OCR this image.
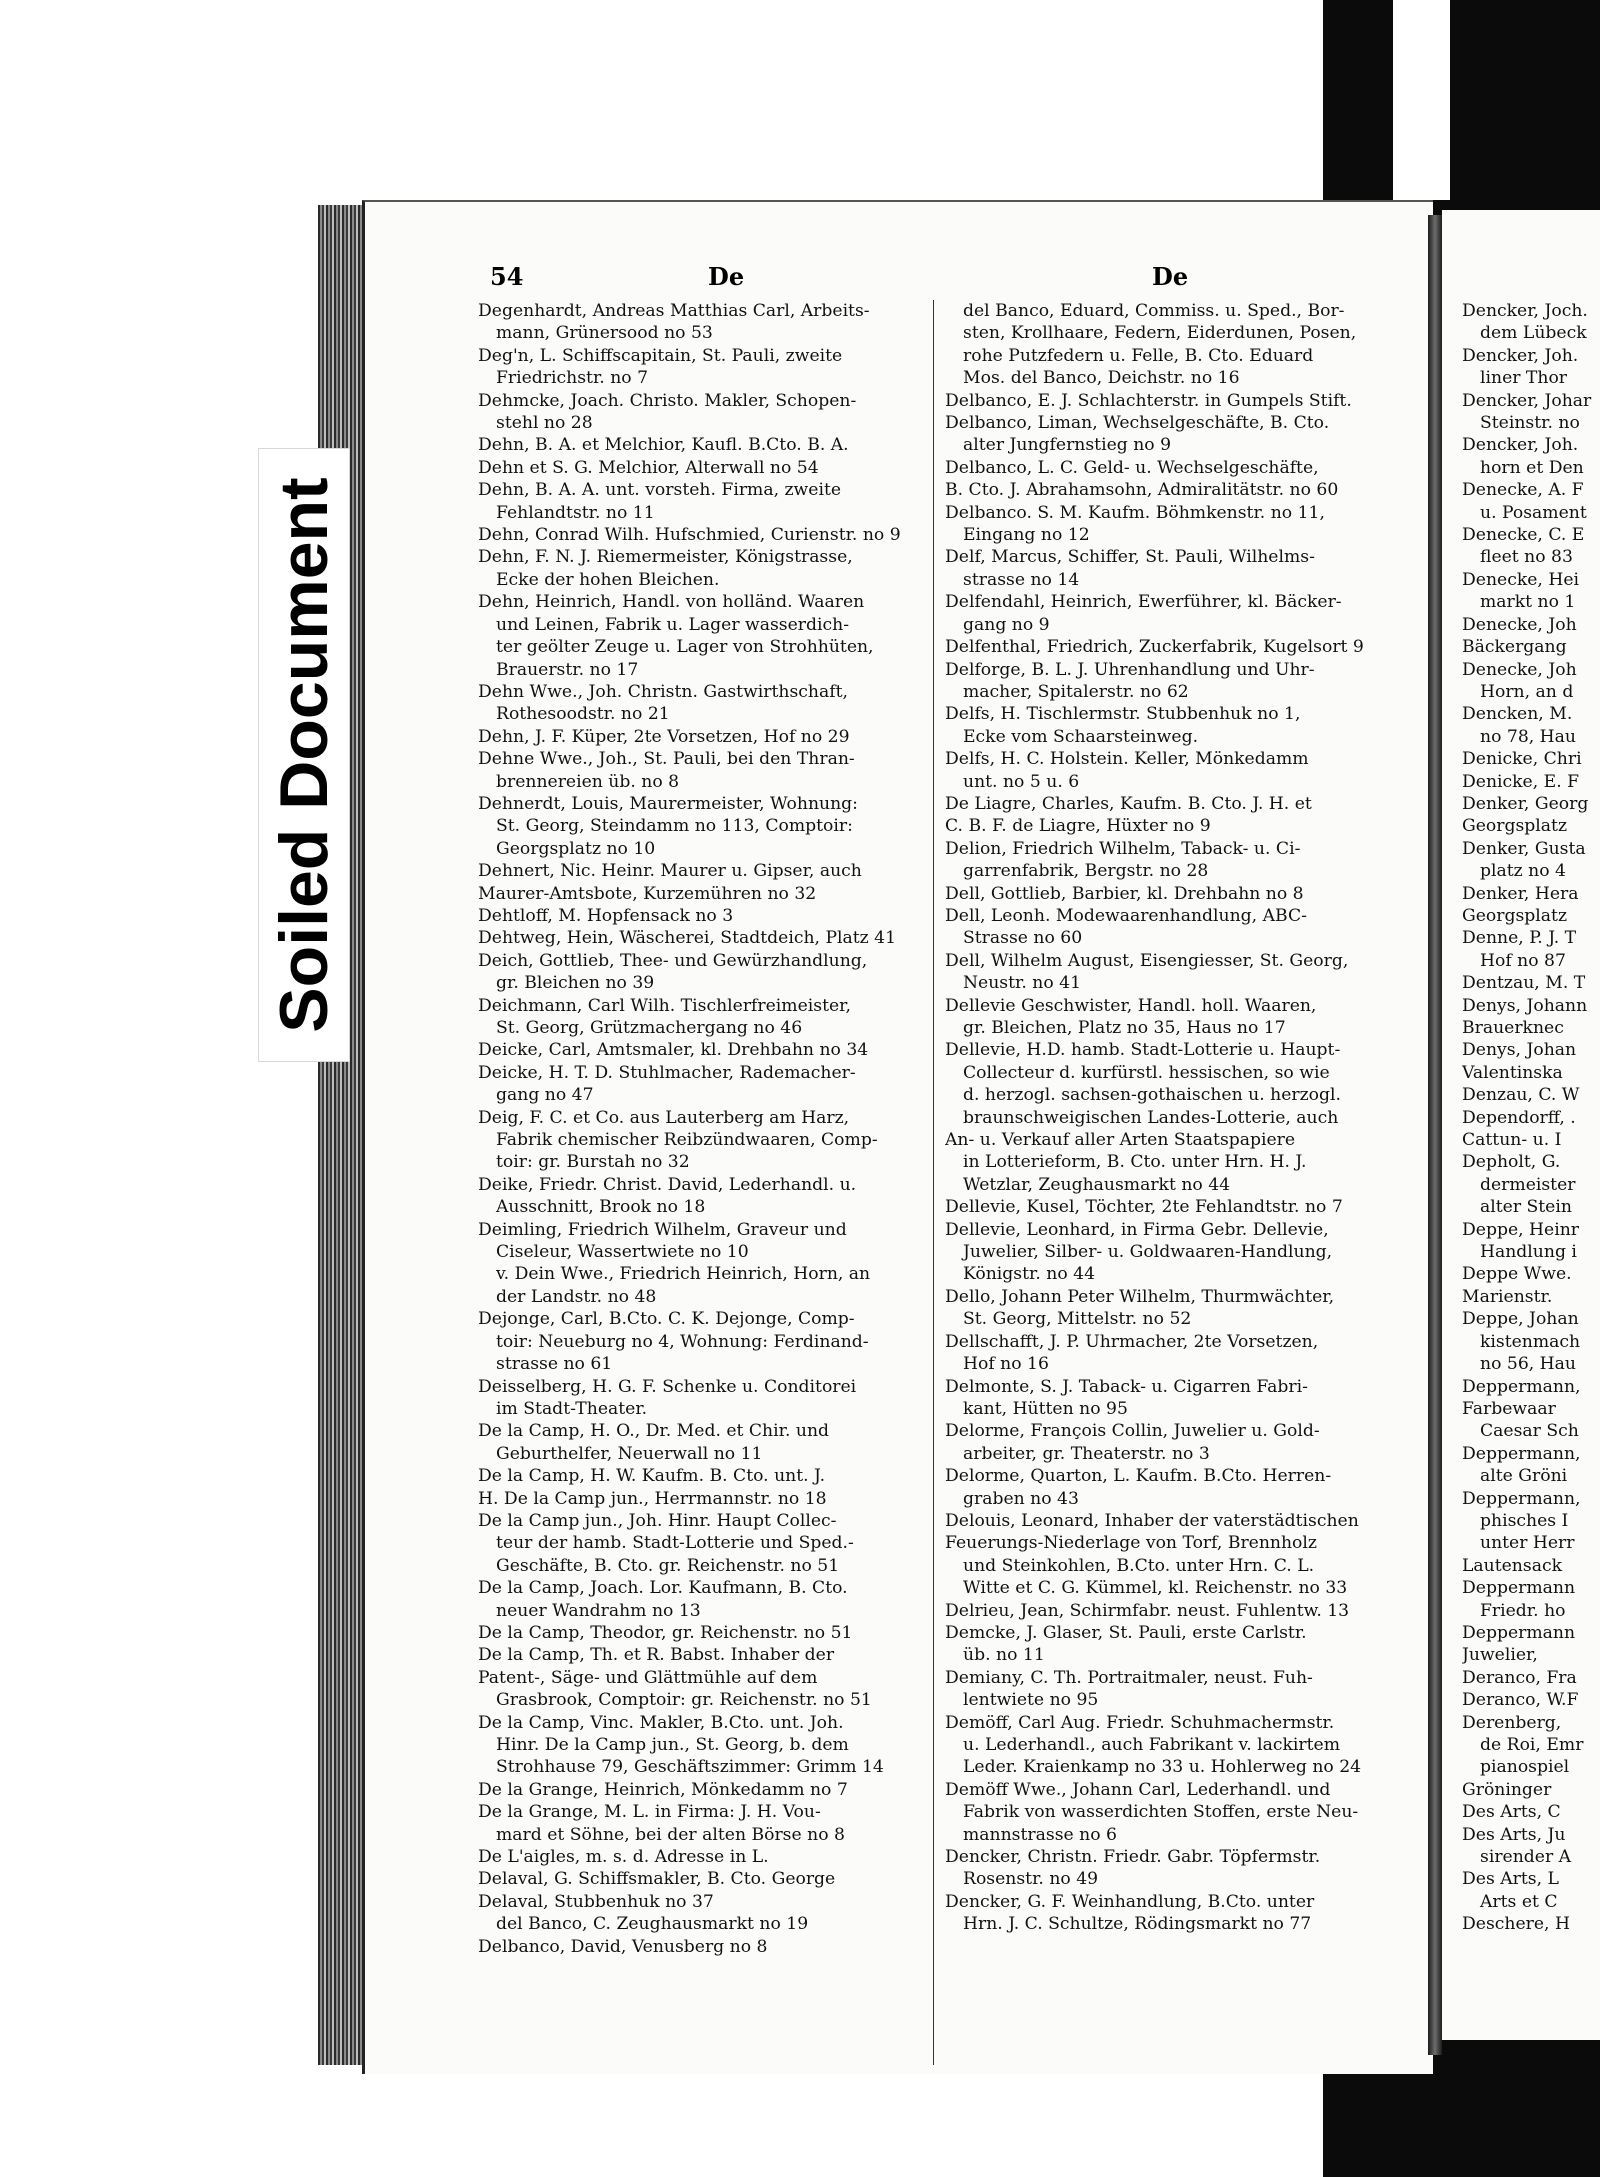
Soiled Document
54	De	De
Degenhardt, Andreas Matthias Carl, Arbeits-
mann, Grünersood no 53
Deg'n, L. Schiffscapitain, St. Pauli, zweite
Friedrichstr. no 7
Dehmcke, Joach. Christo. Makler, Schopen-
stehl no 28
Dehn, B. A. et Melchior, Kaufl. B.Cto. B. A.
Dehn et S. G. Melchior, Alterwall no 54
Dehn, B. A. A. unt. vorsteh. Firma, zweite
Fehlandtstr. no 11
Dehn, Conrad Wilh. Hufschmied, Curienstr. no 9
Dehn, F. N. J. Riemermeister, Königstrasse,
Ecke der hohen Bleichen.
Dehn, Heinrich, Handl. von holländ. Waaren
und Leinen, Fabrik u. Lager wasserdich-
ter geölter Zeuge u. Lager von Strohhüten,
Brauerstr. no 17
Dehn Wwe., Joh. Christn. Gastwirthschaft,
Rothesoodstr. no 21
Dehn, J. F. Küper, 2te Vorsetzen, Hof no 29
Dehne Wwe., Joh., St. Pauli, bei den Thran-
brennereien üb. no 8
Dehnerdt, Louis, Maurermeister, Wohnung:
St. Georg, Steindamm no 113, Comptoir:
Georgsplatz no 10
Dehnert, Nic. Heinr. Maurer u. Gipser, auch
Maurer-Amtsbote, Kurzemühren no 32
Dehtloff, M. Hopfensack no 3
Dehtweg, Hein, Wäscherei, Stadtdeich, Platz 41
Deich, Gottlieb, Thee- und Gewürzhandlung,
gr. Bleichen no 39
Deichmann, Carl Wilh. Tischlerfreimeister,
St. Georg, Grützmachergang no 46
Deicke, Carl, Amtsmaler, kl. Drehbahn no 34
Deicke, H. T. D. Stuhlmacher, Rademacher-
gang no 47
Deig, F. C. et Co. aus Lauterberg am Harz,
Fabrik chemischer Reibzündwaaren, Comp-
toir: gr. Burstah no 32
Deike, Friedr. Christ. David, Lederhandl. u.
Ausschnitt, Brook no 18
Deimling, Friedrich Wilhelm, Graveur und
Ciseleur, Wassertwiete no 10
v. Dein Wwe., Friedrich Heinrich, Horn, an
der Landstr. no 48
Dejonge, Carl, B.Cto. C. K. Dejonge, Comp-
toir: Neueburg no 4, Wohnung: Ferdinand-
strasse no 61
Deisselberg, H. G. F. Schenke u. Conditorei
im Stadt-Theater.
De la Camp, H. O., Dr. Med. et Chir. und
Geburthelfer, Neuerwall no 11
De la Camp, H. W. Kaufm. B. Cto. unt. J.
H. De la Camp jun., Herrmannstr. no 18
De la Camp jun., Joh. Hinr. Haupt Collec-
teur der hamb. Stadt-Lotterie und Sped.-
Geschäfte, B. Cto. gr. Reichenstr. no 51
De la Camp, Joach. Lor. Kaufmann, B. Cto.
neuer Wandrahm no 13
De la Camp, Theodor, gr. Reichenstr. no 51
De la Camp, Th. et R. Babst. Inhaber der
Patent-, Säge- und Glättmühle auf dem
Grasbrook, Comptoir: gr. Reichenstr. no 51
De la Camp, Vinc. Makler, B.Cto. unt. Joh.
Hinr. De la Camp jun., St. Georg, b. dem
Strohhause 79, Geschäftszimmer: Grimm 14
De la Grange, Heinrich, Mönkedamm no 7
De la Grange, M. L. in Firma: J. H. Vou-
mard et Söhne, bei der alten Börse no 8
De L'aigles, m. s. d. Adresse in L.
Delaval, G. Schiffsmakler, B. Cto. George
Delaval, Stubbenhuk no 37
del Banco, C. Zeughausmarkt no 19
Delbanco, David, Venusberg no 8
del Banco, Eduard, Commiss. u. Sped., Bor-
sten, Krollhaare, Federn, Eiderdunen, Posen,
rohe Putzfedern u. Felle, B. Cto. Eduard
Mos. del Banco, Deichstr. no 16
Delbanco, E. J. Schlachterstr. in Gumpels Stift.
Delbanco, Liman, Wechselgeschäfte, B. Cto.
alter Jungfernstieg no 9
Delbanco, L. C. Geld- u. Wechselgeschäfte,
B. Cto. J. Abrahamsohn, Admiralitätstr. no 60
Delbanco. S. M. Kaufm. Böhmkenstr. no 11,
Eingang no 12
Delf, Marcus, Schiffer, St. Pauli, Wilhelms-
strasse no 14
Delfendahl, Heinrich, Ewerführer, kl. Bäcker-
gang no 9
Delfenthal, Friedrich, Zuckerfabrik, Kugelsort 9
Delforge, B. L. J. Uhrenhandlung und Uhr-
macher, Spitalerstr. no 62
Delfs, H. Tischlermstr. Stubbenhuk no 1,
Ecke vom Schaarsteinweg.
Delfs, H. C. Holstein. Keller, Mönkedamm
unt. no 5 u. 6
De Liagre, Charles, Kaufm. B. Cto. J. H. et
C. B. F. de Liagre, Hüxter no 9
Delion, Friedrich Wilhelm, Taback- u. Ci-
garrenfabrik, Bergstr. no 28
Dell, Gottlieb, Barbier, kl. Drehbahn no 8
Dell, Leonh. Modewaarenhandlung, ABC-
Strasse no 60
Dell, Wilhelm August, Eisengiesser, St. Georg,
Neustr. no 41
Dellevie Geschwister, Handl. holl. Waaren,
gr. Bleichen, Platz no 35, Haus no 17
Dellevie, H.D. hamb. Stadt-Lotterie u. Haupt-
Collecteur d. kurfürstl. hessischen, so wie
d. herzogl. sachsen-gothaischen u. herzogl.
braunschweigischen Landes-Lotterie, auch
An- u. Verkauf aller Arten Staatspapiere
in Lotterieform, B. Cto. unter Hrn. H. J.
Wetzlar, Zeughausmarkt no 44
Dellevie, Kusel, Töchter, 2te Fehlandtstr. no 7
Dellevie, Leonhard, in Firma Gebr. Dellevie,
Juwelier, Silber- u. Goldwaaren-Handlung,
Königstr. no 44
Dello, Johann Peter Wilhelm, Thurmwächter,
St. Georg, Mittelstr. no 52
Dellschafft, J. P. Uhrmacher, 2te Vorsetzen,
Hof no 16
Delmonte, S. J. Taback- u. Cigarren Fabri-
kant, Hütten no 95
Delorme, François Collin, Juwelier u. Gold-
arbeiter, gr. Theaterstr. no 3
Delorme, Quarton, L. Kaufm. B.Cto. Herren-
graben no 43
Delouis, Leonard, Inhaber der vaterstädtischen
Feuerungs-Niederlage von Torf, Brennholz
und Steinkohlen, B.Cto. unter Hrn. C. L.
Witte et C. G. Kümmel, kl. Reichenstr. no 33
Delrieu, Jean, Schirmfabr. neust. Fuhlentw. 13
Demcke, J. Glaser, St. Pauli, erste Carlstr.
üb. no 11
Demiany, C. Th. Portraitmaler, neust. Fuh-
lentwiete no 95
Demöff, Carl Aug. Friedr. Schuhmachermstr.
u. Lederhandl., auch Fabrikant v. lackirtem
Leder. Kraienkamp no 33 u. Hohlerweg no 24
Demöff Wwe., Johann Carl, Lederhandl. und
Fabrik von wasserdichten Stoffen, erste Neu-
mannstrasse no 6
Dencker, Christn. Friedr. Gabr. Töpfermstr.
Rosenstr. no 49
Dencker, G. F. Weinhandlung, B.Cto. unter
Hrn. J. C. Schultze, Rödingsmarkt no 77
Dencker, Joch.
dem Lübeck
Dencker, Joh.
liner Thor
Dencker, Johar
Steinstr. no
Dencker, Joh.
horn et Den
Denecke, A. F
u. Posament
Denecke, C. E
fleet no 83
Denecke, Hei
markt no 1
Denecke, Joh
Bäckergang
Denecke, Joh
Horn, an d
Dencken, M.
no 78, Hau
Denicke, Chri
Denicke, E. F
Denker, Georg
Georgsplatz
Denker, Gusta
platz no 4
Denker, Hera
Georgsplatz
Denne, P. J. T
Hof no 87
Dentzau, M. T
Denys, Johann
Brauerknec
Denys, Johan
Valentinska
Denzau, C. W
Dependorff, .
Cattun- u. I
Depholt, G.
dermeister
alter Stein
Deppe, Heinr
Handlung i
Deppe Wwe.
Marienstr.
Deppe, Johan
kistenmach
no 56, Hau
Deppermann,
Farbewaar
Caesar Sch
Deppermann,
alte Gröni
Deppermann,
phisches I
unter Herr
Lautensack
Deppermann
Friedr. ho
Deppermann
Juwelier,
Deranco, Fra
Deranco, W.F
Derenberg,
de Roi, Emr
pianospiel
Gröninger
Des Arts, C
Des Arts, Ju
sirender A
Des Arts, L
Arts et C
Deschere, H
